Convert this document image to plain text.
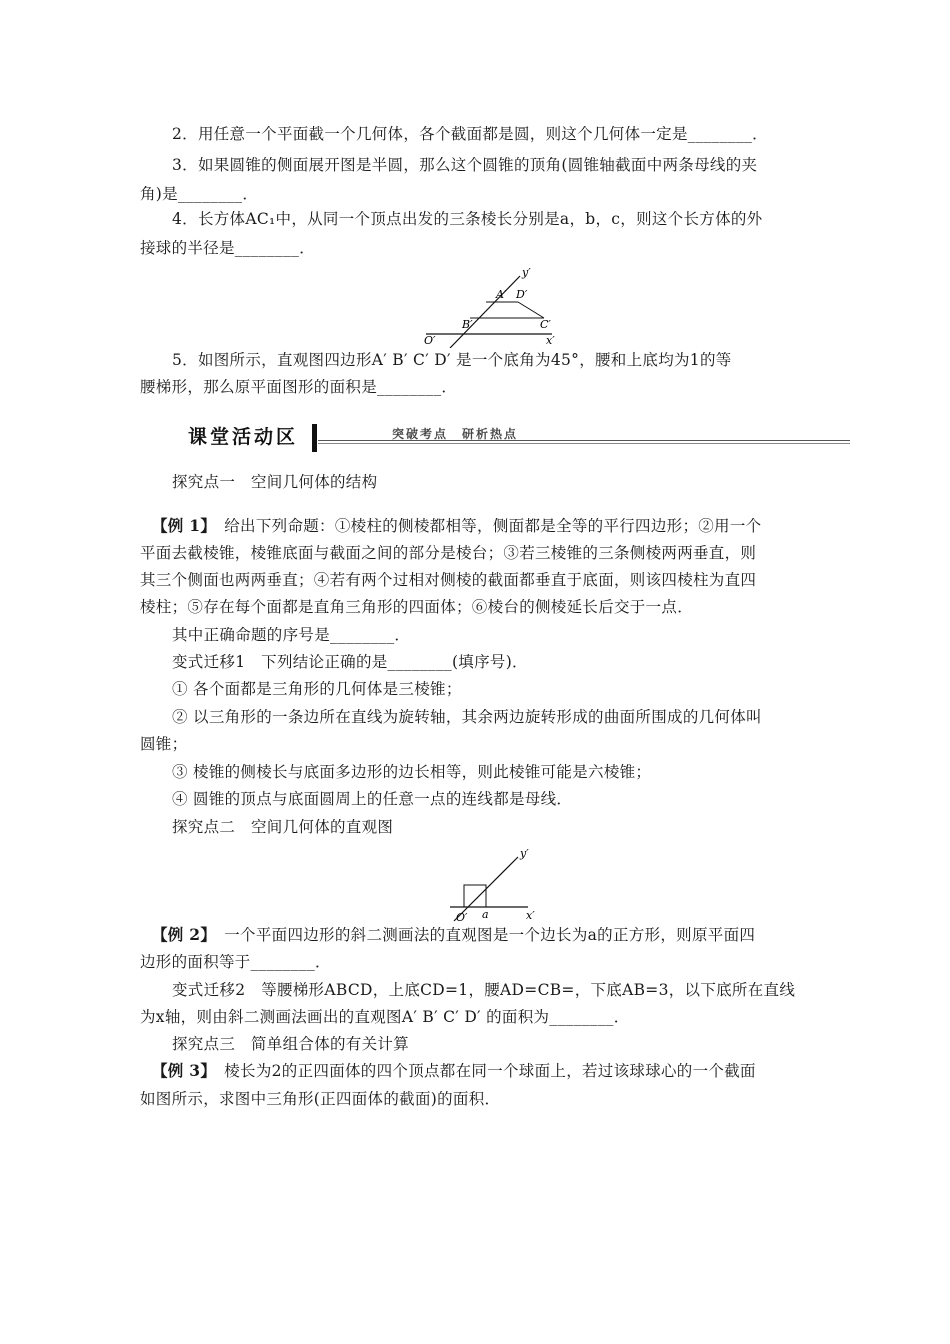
2．用任意一个平面截一个几何体，各个截面都是圆，则这个几何体一定是________．
3．如果圆锥的侧面展开图是半圆，那么这个圆锥的顶角(圆锥轴截面中两条母线的夹
角)是________．
4．长方体AC₁中，从同一个顶点出发的三条棱长分别是a，b，c，则这个长方体的外
接球的半径是________．
y′
x′
O′
A′ D′
B′	C′
5．如图所示，直观图四边形A′ B′ C′ D′ 是一个底角为45°，腰和上底均为1的等
腰梯形，那么原平面图形的面积是________．
课堂活动区	突破考点　研析热点
探究点一　空间几何体的结构
【例 1】　给出下列命题：①棱柱的侧棱都相等，侧面都是全等的平行四边形；②用一个
平面去截棱锥，棱锥底面与截面之间的部分是棱台；③若三棱锥的三条侧棱两两垂直，则
其三个侧面也两两垂直；④若有两个过相对侧棱的截面都垂直于底面，则该四棱柱为直四
棱柱；⑤存在每个面都是直角三角形的四面体；⑥棱台的侧棱延长后交于一点．
其中正确命题的序号是________．
变式迁移1　下列结论正确的是________(填序号)．
① 各个面都是三角形的几何体是三棱锥；
② 以三角形的一条边所在直线为旋转轴，其余两边旋转形成的曲面所围成的几何体叫
圆锥；
③ 棱锥的侧棱长与底面多边形的边长相等，则此棱锥可能是六棱锥；
④ 圆锥的顶点与底面圆周上的任意一点的连线都是母线．
探究点二　空间几何体的直观图
y′
x′
O′ a
【例 2】　一个平面四边形的斜二测画法的直观图是一个边长为a的正方形，则原平面四
边形的面积等于________．
变式迁移2　等腰梯形ABCD，上底CD=1，腰AD=CB=，下底AB=3，以下底所在直线
为x轴，则由斜二测画法画出的直观图A′ B′ C′ D′ 的面积为________．
探究点三　简单组合体的有关计算
【例 3】　棱长为2的正四面体的四个顶点都在同一个球面上，若过该球球心的一个截面
如图所示，求图中三角形(正四面体的截面)的面积．
